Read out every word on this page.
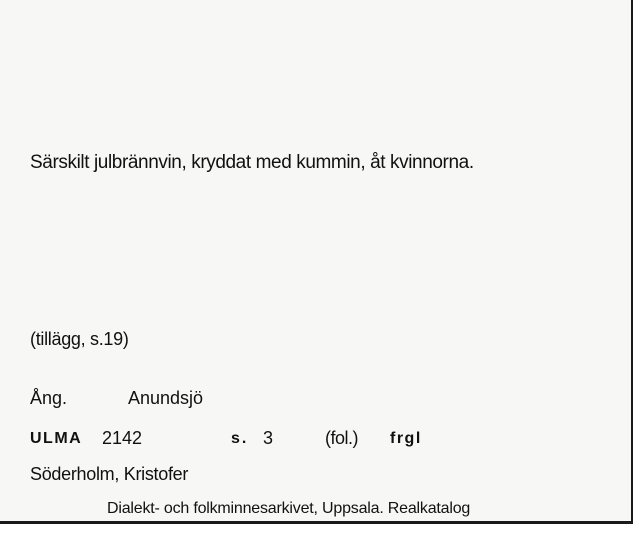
Särskilt julbrännvin, kryddat med kummin, åt kvinnorna.
(tillägg, s.19)
Ång.	Anundsjö
ULMA 2142	s. 3	(fol.) frgl
Söderholm, Kristofer
Dialekt- och folkminnesarkivet, Uppsala. Realkatalog
